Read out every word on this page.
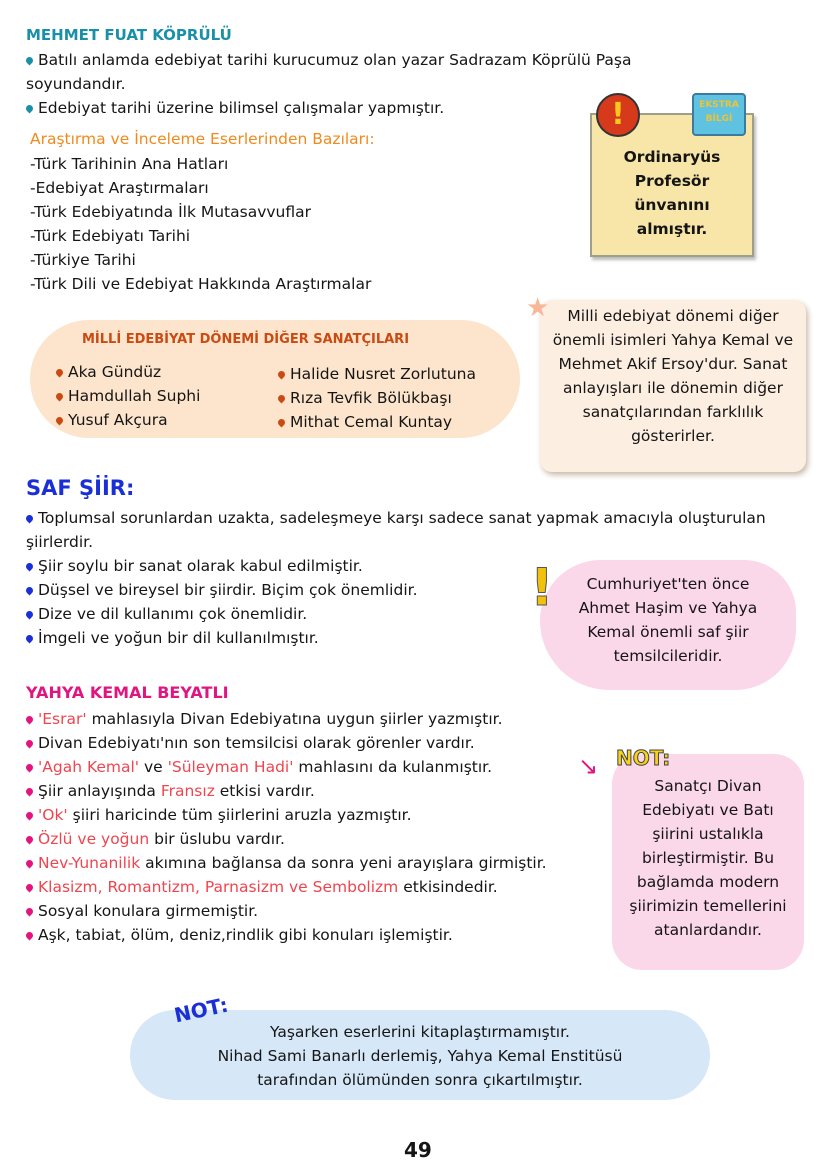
MEHMET FUAT KÖPRÜLÜ
Batılı anlamda edebiyat tarihi kurucumuz olan yazar Sadrazam Köprülü Paşa soyundandır.
Edebiyat tarihi üzerine bilimsel çalışmalar yapmıştır.
Araştırma ve İnceleme Eserlerinden Bazıları:
-Türk Tarihinin Ana Hatları
-Edebiyat Araştırmaları
-Türk Edebiyatında İlk Mutasavvuflar
-Türk Edebiyatı Tarihi
-Türkiye Tarihi
-Türk Dili ve Edebiyat Hakkında Araştırmalar
!	EKSTRA BİLGİ
Ordinaryüs Profesör ünvanını almıştır.
MİLLİ EDEBİYAT DÖNEMİ DİĞER SANATÇILARI
Aka Gündüz
Hamdullah Suphi
Yusuf Akçura
Halide Nusret Zorlutuna
Rıza Tevfik Bölükbaşı
Mithat Cemal Kuntay
★	Milli edebiyat dönemi diğer önemli isimleri Yahya Kemal ve Mehmet Akif Ersoy'dur. Sanat anlayışları ile dönemin diğer sanatçılarından farklılık gösterirler.
SAF ŞİİR:
Toplumsal sorunlardan uzakta, sadeleşmeye karşı sadece sanat yapmak amacıyla oluşturulan şiirlerdir.
Şiir soylu bir sanat olarak kabul edilmiştir.
Düşsel ve bireysel bir şiirdir. Biçim çok önemlidir.
Dize ve dil kullanımı çok önemlidir.
İmgeli ve yoğun bir dil kullanılmıştır.
!	Cumhuriyet'ten önce Ahmet Haşim ve Yahya Kemal önemli saf şiir temsilcileridir.
YAHYA KEMAL BEYATLI
'Esrar' mahlasıyla Divan Edebiyatına uygun şiirler yazmıştır.
Divan Edebiyatı'nın son temsilcisi olarak görenler vardır.
'Agah Kemal' ve 'Süleyman Hadi' mahlasını da kulanmıştır.
Şiir anlayışında Fransız etkisi vardır.
'Ok' şiiri haricinde tüm şiirlerini aruzla yazmıştır.
Özlü ve yoğun bir üslubu vardır.
Nev-Yunanilik akımına bağlansa da sonra yeni arayışlara girmiştir.
Klasizm, Romantizm, Parnasizm ve Sembolizm etkisindedir.
Sosyal konulara girmemiştir.
Aşk, tabiat, ölüm, deniz,rindlik gibi konuları işlemiştir.
↘ NOT:
Sanatçı Divan Edebiyatı ve Batı şiirini ustalıkla birleştirmiştir. Bu bağlamda modern şiirimizin temellerini atanlardandır.
NOT:
Yaşarken eserlerini kitaplaştırmamıştır.
Nihad Sami Banarlı derlemiş, Yahya Kemal Enstitüsü
tarafından ölümünden sonra çıkartılmıştır.
49
